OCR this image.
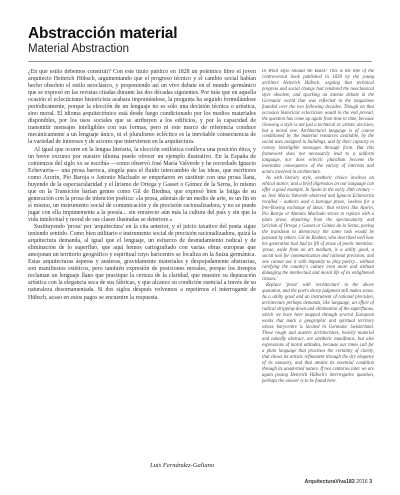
Abstracción material
Material Abstraction

¿En qué estilo debemos construir? Con este título publicó en 1828 un polémico libro el joven arquitecto Heinrich Hübsch, argumentando que el progreso técnico y el cambio social habían hecho obsoleto el estilo neoclásico, y proponiendo así un vivo debate en el mundo germánico que se expresó en las revistas citadas durante las dos décadas siguientes. Por más que en aquella ocasión el eclecticismo historicista acabara imponiéndose, la pregunta ha seguido formulándose periódicamente, porque la elección de un lenguaje no es sólo una decisión técnica o artística, sino moral. El idioma arquitectónico está desde luego condicionado por los medios materiales disponibles, por los usos sociales que se atribuyen a los edificios, y por la capacidad de transmitir mensajes inteligibles con sus formas, pero ni este marco de referencia conduce mecánicamente a un lenguaje único, ni el pluralismo ecléctico es la inevitable consecuencia de la variedad de intereses y de actores que intervienen en la arquitectura.

Al igual que ocurre en la lengua literaria, la elección estilística conlleva una posición ética, y un breve excurso por nuestro idioma puede ofrecer un ejemplo ilustrativo. En la España de comienzos del siglo xx se escribía —como observó José María Valverde y he recordado Ignacio Echevarría— una prosa barroca, singela para el fluido intercambio de las ideas, que escritores como Azorín, Pío Baroja o Antonio Machado se empeñaron en sustituir con una prosa llana, huyendo de la espectacularidad y el lirismo de Ortega y Gasset o Gómez de la Serna, lo mismo que en la Transición harían gentes como Gil de Biedma, que expresó bien la fatiga de su generación con la prosa de intención poética: «la prosa, además de un medio de arte, es un fin en sí mismo, un instrumento social de comunicación y de precisión racionalizadora, y no se puede jugar con ella impunemente a la poesía... sin enrarecer aún más la cultura del país y sin que la vida intelectual y moral de sus clases ilustradas se deteriore.»

Sustituyendo 'prosa' por 'arquitectura' en la cita anterior, y el juicio taxativo del poeta sigue teniendo sentido. Como bien utilitario e instrumento social de precisión racionalizadora, quizá la arquitectura demanda, al igual que el lenguaje, un esfuerzo de desnudamiento radical y de eliminación de lo superfluo, que aquí hemos cartografiado con varias obras europeas que amojonan un territorio geográfico y espiritual cuyo baricentro se localiza en la Suiza germánica. Estas arquitecturas ásperas y austeras, gravidamente materiales y despojadamente abstractas, son manifiestos estéticos, pero también expresión de posiciones morales, porque los tiempos reclaman un lenguaje llano que practique la certeza de la claridad, que muestre su depuración artística con la elegancia seca de sus fábricas, y que alcance su condición esencial a través de su naturaleza desornamentada. Si dos siglos después volvemos a repetirnos el interrogante de Hübsch, acaso en estos pagos se encuentre la respuesta.

Luis Fernández-Galiano

In What Style Should We Build? This is the title of the controversial book published in 1828 by the young architect Heinrich Hübsch, arguing that technical progress and social change had rendered the neoclassical style obsolete, and sparking an intense debate in the Germanic world that was reflected in the magazines founded over the two following decades. Though on that occasion historicist eclecticism would in the end prevail, the question has come up again from time to time, because choosing a style is not just a technical or artistic decision, but a moral one. Architectural language is of course conditioned by the material resources available, by the social uses assigned to buildings, and by their capacity to convey intelligible messages through form. But this framework does not necessarily lead to a uniform language, nor does eclectic pluralism become the inevitable consequence of the variety of interests and actors involved in architecture.

As with literary style, aesthetic choice involves an ethical stance, and a brief digression on our language can offer a good example. In Spain in the early 20th century – as José María Valverde observed and Ignacio Echevarría recalled – authors used a baroque prose, 'useless for a free-flowing exchange of ideas,' that writers like Azorín, Pío Baroja or Antonio Machado strove to replace with a plain prose, departing from the spectacularity and lyricism of Ortega y Gasset or Gómez de la Serna, paving the transition to democracy the same task would be pursued by others. Gil de Biedma, who described well how his generation had had its fill of prose of poetic intention: 'prose, aside from an art medium, is a utility good, a social tool for communication and rational precision, and one cannot use it with impunity to play poetry... without rarefying the country's culture even more and without damaging the intellectual and moral life of its enlightened classes.'

Replace 'prose' with 'architecture' in the above quotation, and the poet's sharp judgment still makes sense. As a utility good and an instrument of rational precision, architecture perhaps demands, like language, an effort of radical stripping-down and elimination of the superfluous, which we have here mapped through several European works that mark a geographic and spiritual territory whose barycentre is located in Germanic Switzerland. These rough and austere architectures, heavily material and nakedly abstract, are aesthetic manifestos, but also expressions of moral attitudes, because our times call for a plain language that practises the certainty of clarity, that shows its artistic refinement through the dry elegance of its masonry, and that attains its essential condition through its unadorned nature. If two centuries later we are again posing Heinrich Hübsch's interrogative question, perhaps the answer is to be found here.

ArquitecturaViva183 2016 3
